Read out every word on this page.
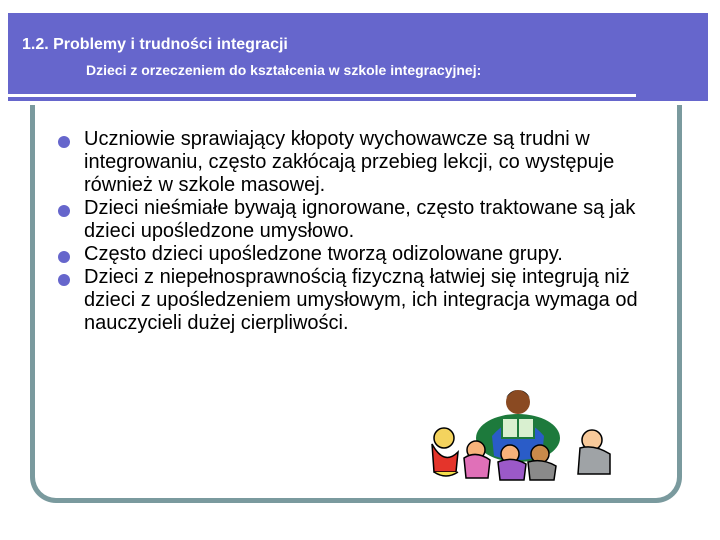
1.2. Problemy i trudności integracji
Dzieci z orzeczeniem do kształcenia w szkole integracyjnej:
Uczniowie sprawiający kłopoty wychowawcze są trudni w integrowaniu, często zakłócają przebieg lekcji, co występuje również w szkole masowej.
Dzieci nieśmiałe bywają ignorowane, często traktowane są jak dzieci upośledzone umysłowo.
Często dzieci upośledzone tworzą odizolowane grupy.
Dzieci z niepełnosprawnością fizyczną łatwiej się integrują niż dzieci z upośledzeniem umysłowym, ich integracja wymaga od nauczycieli dużej cierpliwości.
